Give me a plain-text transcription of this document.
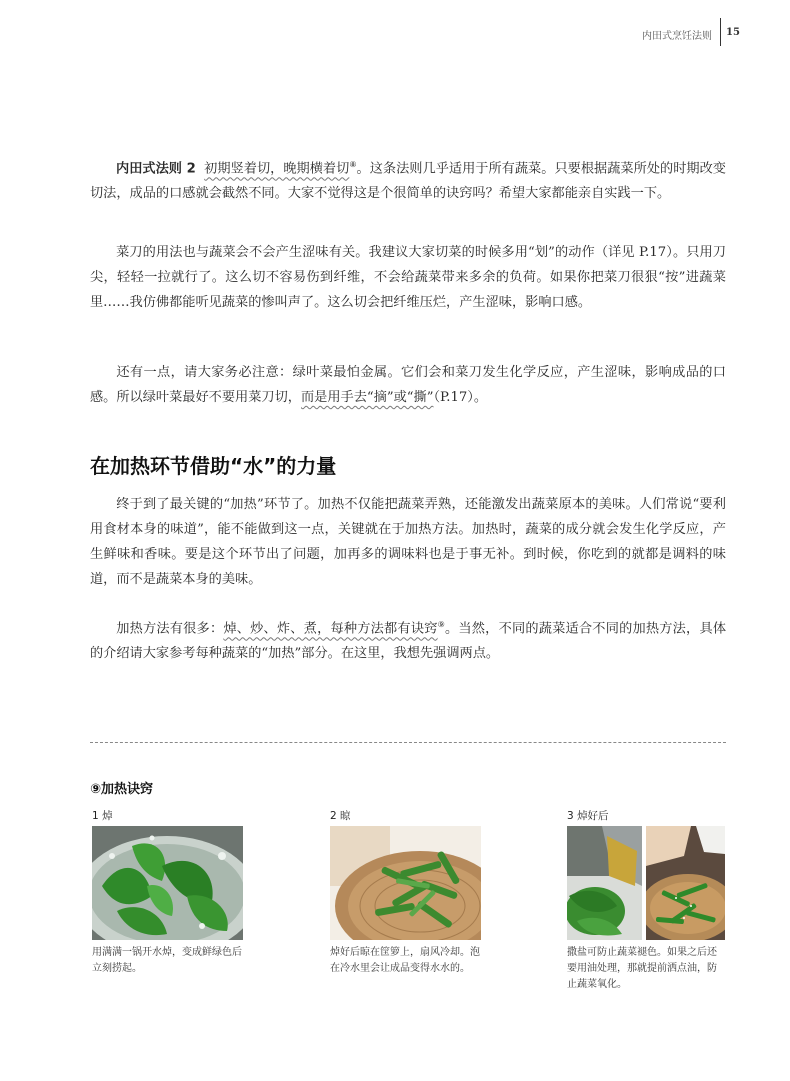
内田式烹饪法则 15

内田式法则 2 初期竖着切，晚期横着切⑧。这条法则几乎适用于所有蔬菜。只要根据蔬菜所处的时期改变切法，成品的口感就会截然不同。大家不觉得这是个很简单的诀窍吗？希望大家都能亲自实践一下。

菜刀的用法也与蔬菜会不会产生涩味有关。我建议大家切菜的时候多用“划”的动作（详见 P.17）。只用刀尖，轻轻一拉就行了。这么切不容易伤到纤维，不会给蔬菜带来多余的负荷。如果你把菜刀很狠“按”进蔬菜里……我仿佛都能听见蔬菜的惨叫声了。这么切会把纤维压烂，产生涩味，影响口感。

还有一点，请大家务必注意：绿叶菜最怕金属。它们会和菜刀发生化学反应，产生涩味，影响成品的口感。所以绿叶菜最好不要用菜刀切，而是用手去“摘”或“撕”（P.17）。

在加热环节借助“水”的力量

终于到了最关键的“加热”环节了。加热不仅能把蔬菜弄熟，还能激发出蔬菜原本的美味。人们常说“要利用食材本身的味道”，能不能做到这一点，关键就在于加热方法。加热时，蔬菜的成分就会发生化学反应，产生鲜味和香味。要是这个环节出了问题，加再多的调味料也是于事无补。到时候，你吃到的就都是调料的味道，而不是蔬菜本身的美味。

加热方法有很多：焯、炒、炸、煮，每种方法都有诀窍⑨。当然，不同的蔬菜适合不同的加热方法，具体的介绍请大家参考每种蔬菜的“加热”部分。在这里，我想先强调两点。

⑨加热诀窍
1 焯
用满满一锅开水焯，变成鲜绿色后立刻捞起。
2 晾
焯好后晾在筐箩上，扇风冷却。泡在冷水里会让成品变得水水的。
3 焯好后
撒盐可防止蔬菜褪色。如果之后还要用油处理，那就提前洒点油，防止蔬菜氧化。
